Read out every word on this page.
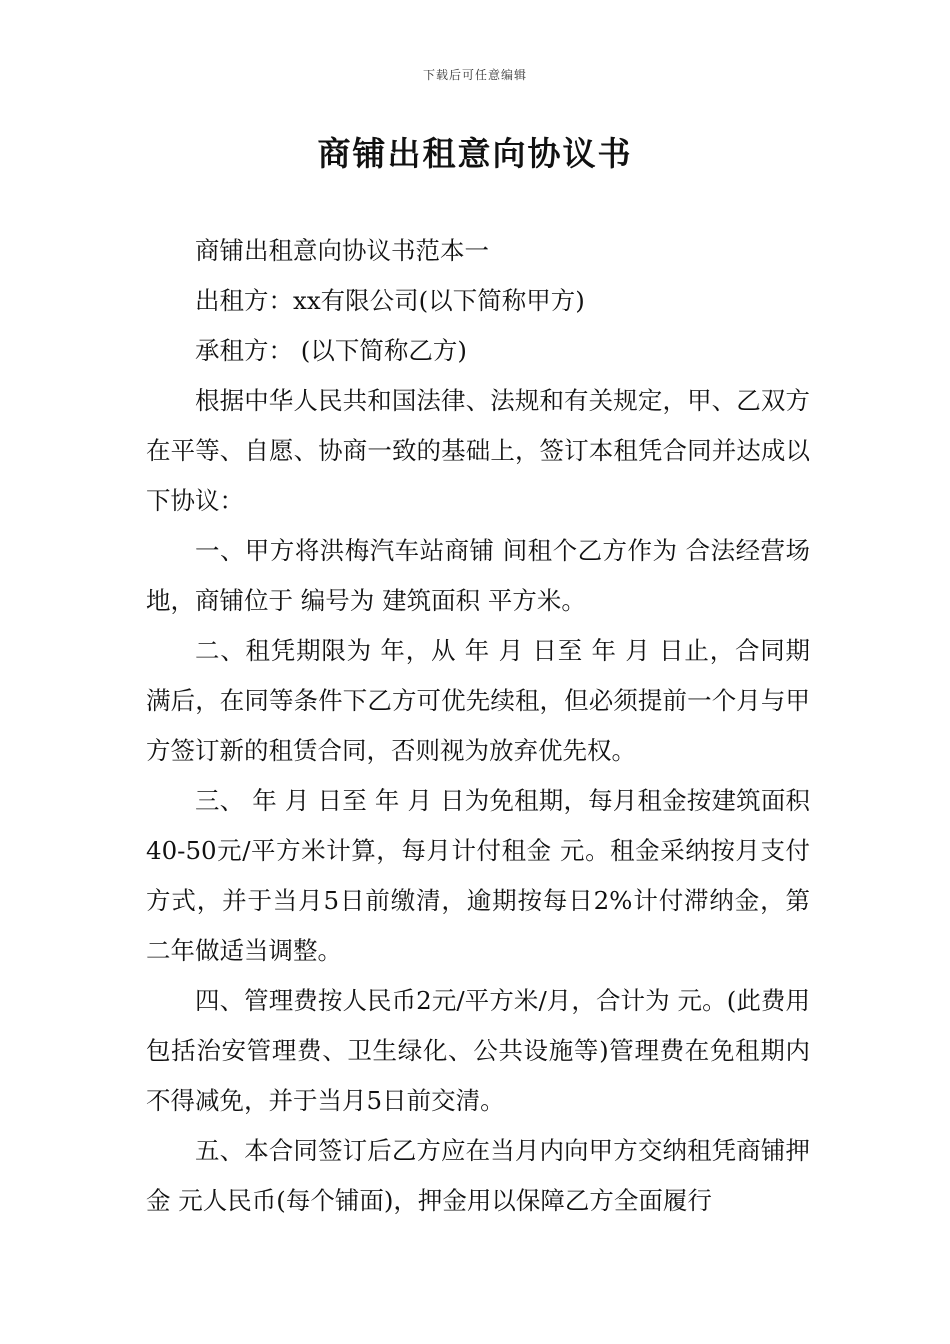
下载后可任意编辑
商铺出租意向协议书

商铺出租意向协议书范本一

出租方：xx有限公司(以下简称甲方)

承租方： (以下简称乙方)

根据中华人民共和国法律、法规和有关规定，甲、乙双方在平等、自愿、协商一致的基础上，签订本租凭合同并达成以下协议：

一、甲方将洪梅汽车站商铺 间租个乙方作为 合法经营场地，商铺位于 编号为 建筑面积 平方米。

二、租凭期限为 年，从 年 月 日至 年 月 日止，合同期满后，在同等条件下乙方可优先续租，但必须提前一个月与甲方签订新的租赁合同，否则视为放弃优先权。

三、 年 月 日至 年 月 日为免租期，每月租金按建筑面积40-50元/平方米计算，每月计付租金 元。租金采纳按月支付方式，并于当月5日前缴清，逾期按每日2%计付滞纳金，第二年做适当调整。

四、管理费按人民币2元/平方米/月，合计为 元。(此费用包括治安管理费、卫生绿化、公共设施等)管理费在免租期内不得减免，并于当月5日前交清。

五、本合同签订后乙方应在当月内向甲方交纳租凭商铺押金 元人民币(每个铺面)，押金用以保障乙方全面履行
